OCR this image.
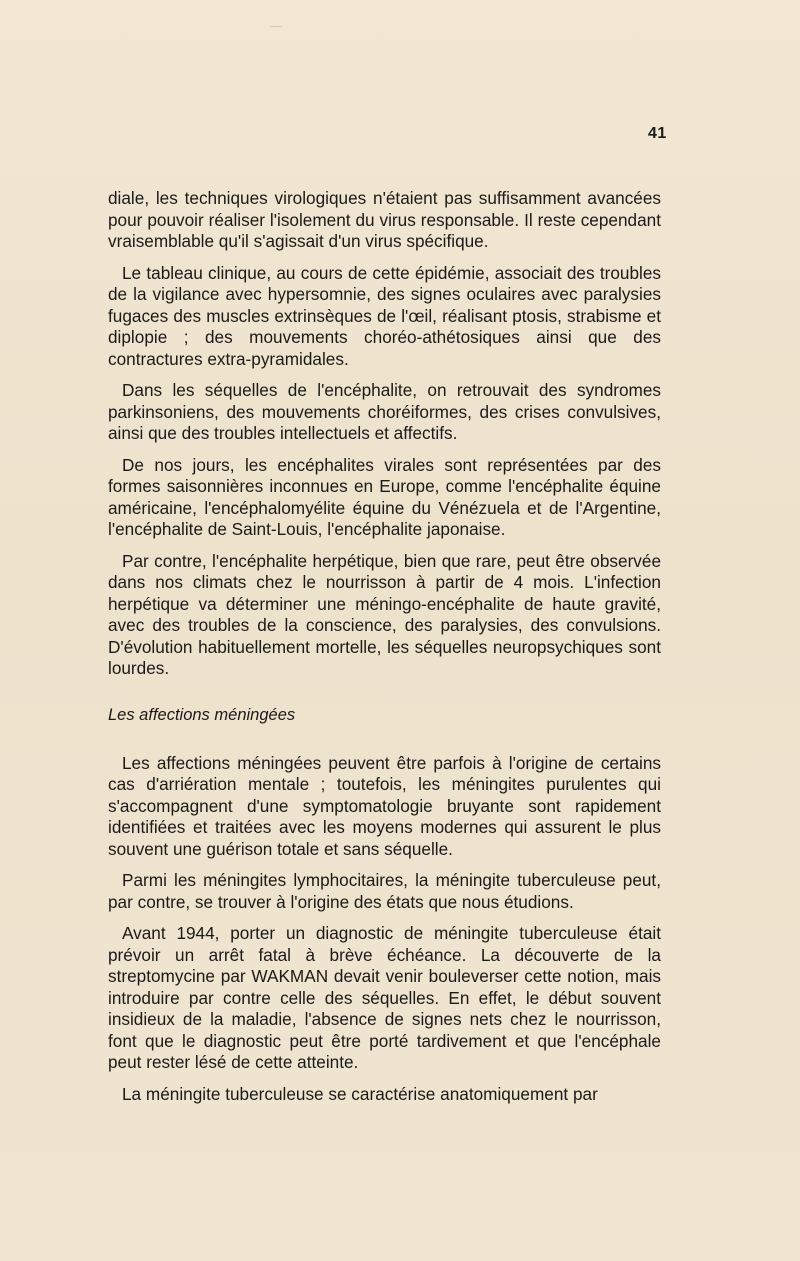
41

diale, les techniques virologiques n'étaient pas suffisamment avancées pour pouvoir réaliser l'isolement du virus responsable. Il reste cependant vraisemblable qu'il s'agissait d'un virus spécifique.

Le tableau clinique, au cours de cette épidémie, associait des troubles de la vigilance avec hypersomnie, des signes oculaires avec paralysies fugaces des muscles extrinsèques de l'œil, réalisant ptosis, strabisme et diplopie ; des mouvements choréo-athétosiques ainsi que des contractures extra-pyramidales.

Dans les séquelles de l'encéphalite, on retrouvait des syndromes parkinsoniens, des mouvements choréiformes, des crises convulsives, ainsi que des troubles intellectuels et affectifs.

De nos jours, les encéphalites virales sont représentées par des formes saisonnières inconnues en Europe, comme l'encéphalite équine américaine, l'encéphalomyélite équine du Vénézuela et de l'Argentine, l'encéphalite de Saint-Louis, l'encéphalite japonaise.

Par contre, l'encéphalite herpétique, bien que rare, peut être observée dans nos climats chez le nourrisson à partir de 4 mois. L'infection herpétique va déterminer une méningo-encéphalite de haute gravité, avec des troubles de la conscience, des paralysies, des convulsions. D'évolution habituellement mortelle, les séquelles neuropsychiques sont lourdes.

Les affections méningées

Les affections méningées peuvent être parfois à l'origine de certains cas d'arriération mentale ; toutefois, les méningites purulentes qui s'accompagnent d'une symptomatologie bruyante sont rapidement identifiées et traitées avec les moyens modernes qui assurent le plus souvent une guérison totale et sans séquelle.

Parmi les méningites lymphocitaires, la méningite tuberculeuse peut, par contre, se trouver à l'origine des états que nous étudions.

Avant 1944, porter un diagnostic de méningite tuberculeuse était prévoir un arrêt fatal à brève échéance. La découverte de la streptomycine par WAKMAN devait venir bouleverser cette notion, mais introduire par contre celle des séquelles. En effet, le début souvent insidieux de la maladie, l'absence de signes nets chez le nourrisson, font que le diagnostic peut être porté tardivement et que l'encéphale peut rester lésé de cette atteinte.

La méningite tuberculeuse se caractérise anatomiquement par
